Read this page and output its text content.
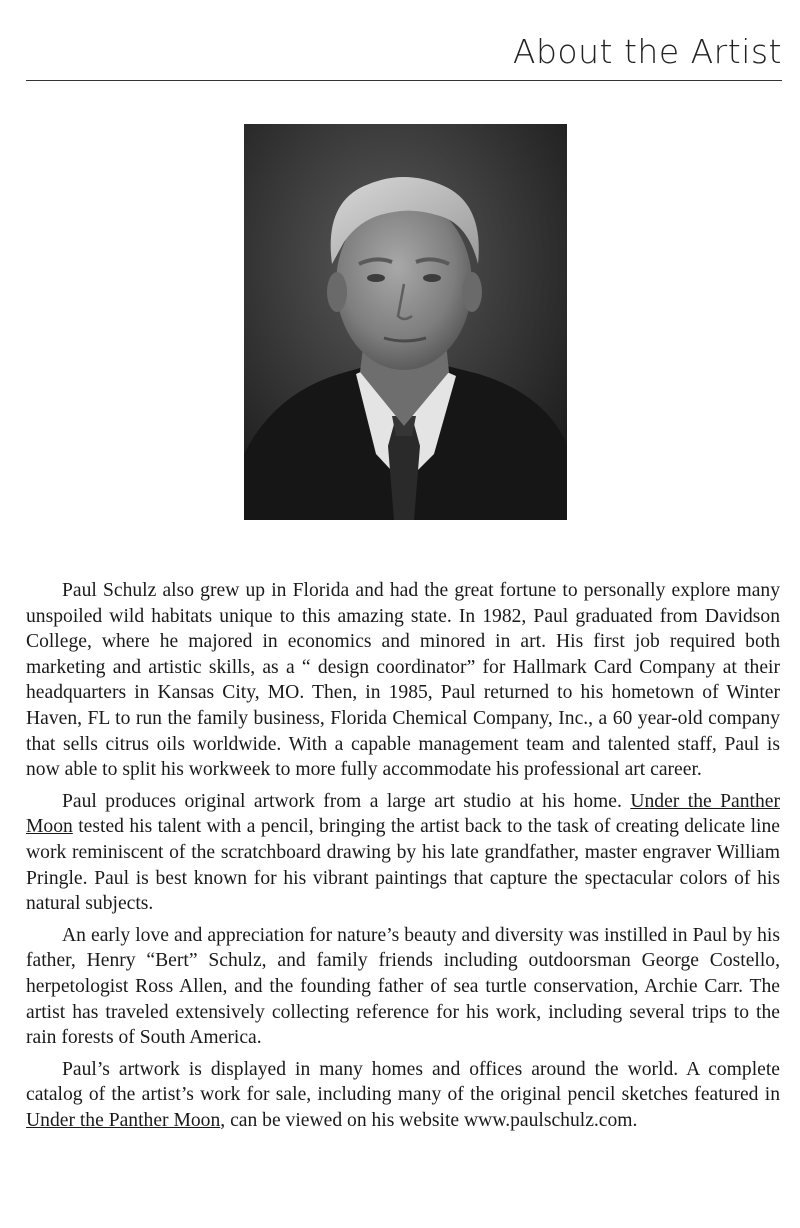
About the Artist

Paul Schulz also grew up in Florida and had the great fortune to personally explore many unspoiled wild habitats unique to this amazing state. In 1982, Paul graduated from Davidson College, where he majored in economics and minored in art. His first job required both marketing and artistic skills, as a “ design coordinator” for Hallmark Card Company at their headquarters in Kansas City, MO. Then, in 1985, Paul returned to his hometown of Winter Haven, FL to run the family business, Florida Chemical Company, Inc., a 60 year-old company that sells citrus oils worldwide. With a capable management team and talented staff, Paul is now able to split his workweek to more fully accommodate his professional art career.

Paul produces original artwork from a large art studio at his home. Under the Panther Moon tested his talent with a pencil, bringing the artist back to the task of creating delicate line work reminiscent of the scratchboard drawing by his late grandfather, master engraver William Pringle. Paul is best known for his vibrant paintings that capture the spectacular colors of his natural subjects.

An early love and appreciation for nature’s beauty and diversity was instilled in Paul by his father, Henry “Bert” Schulz, and family friends including outdoorsman George Costello, herpetologist Ross Allen, and the founding father of sea turtle conservation, Archie Carr. The artist has traveled extensively collecting reference for his work, including several trips to the rain forests of South America.

Paul’s artwork is displayed in many homes and offices around the world. A complete catalog of the artist’s work for sale, including many of the original pencil sketches featured in Under the Panther Moon, can be viewed on his website www.paulschulz.com.
